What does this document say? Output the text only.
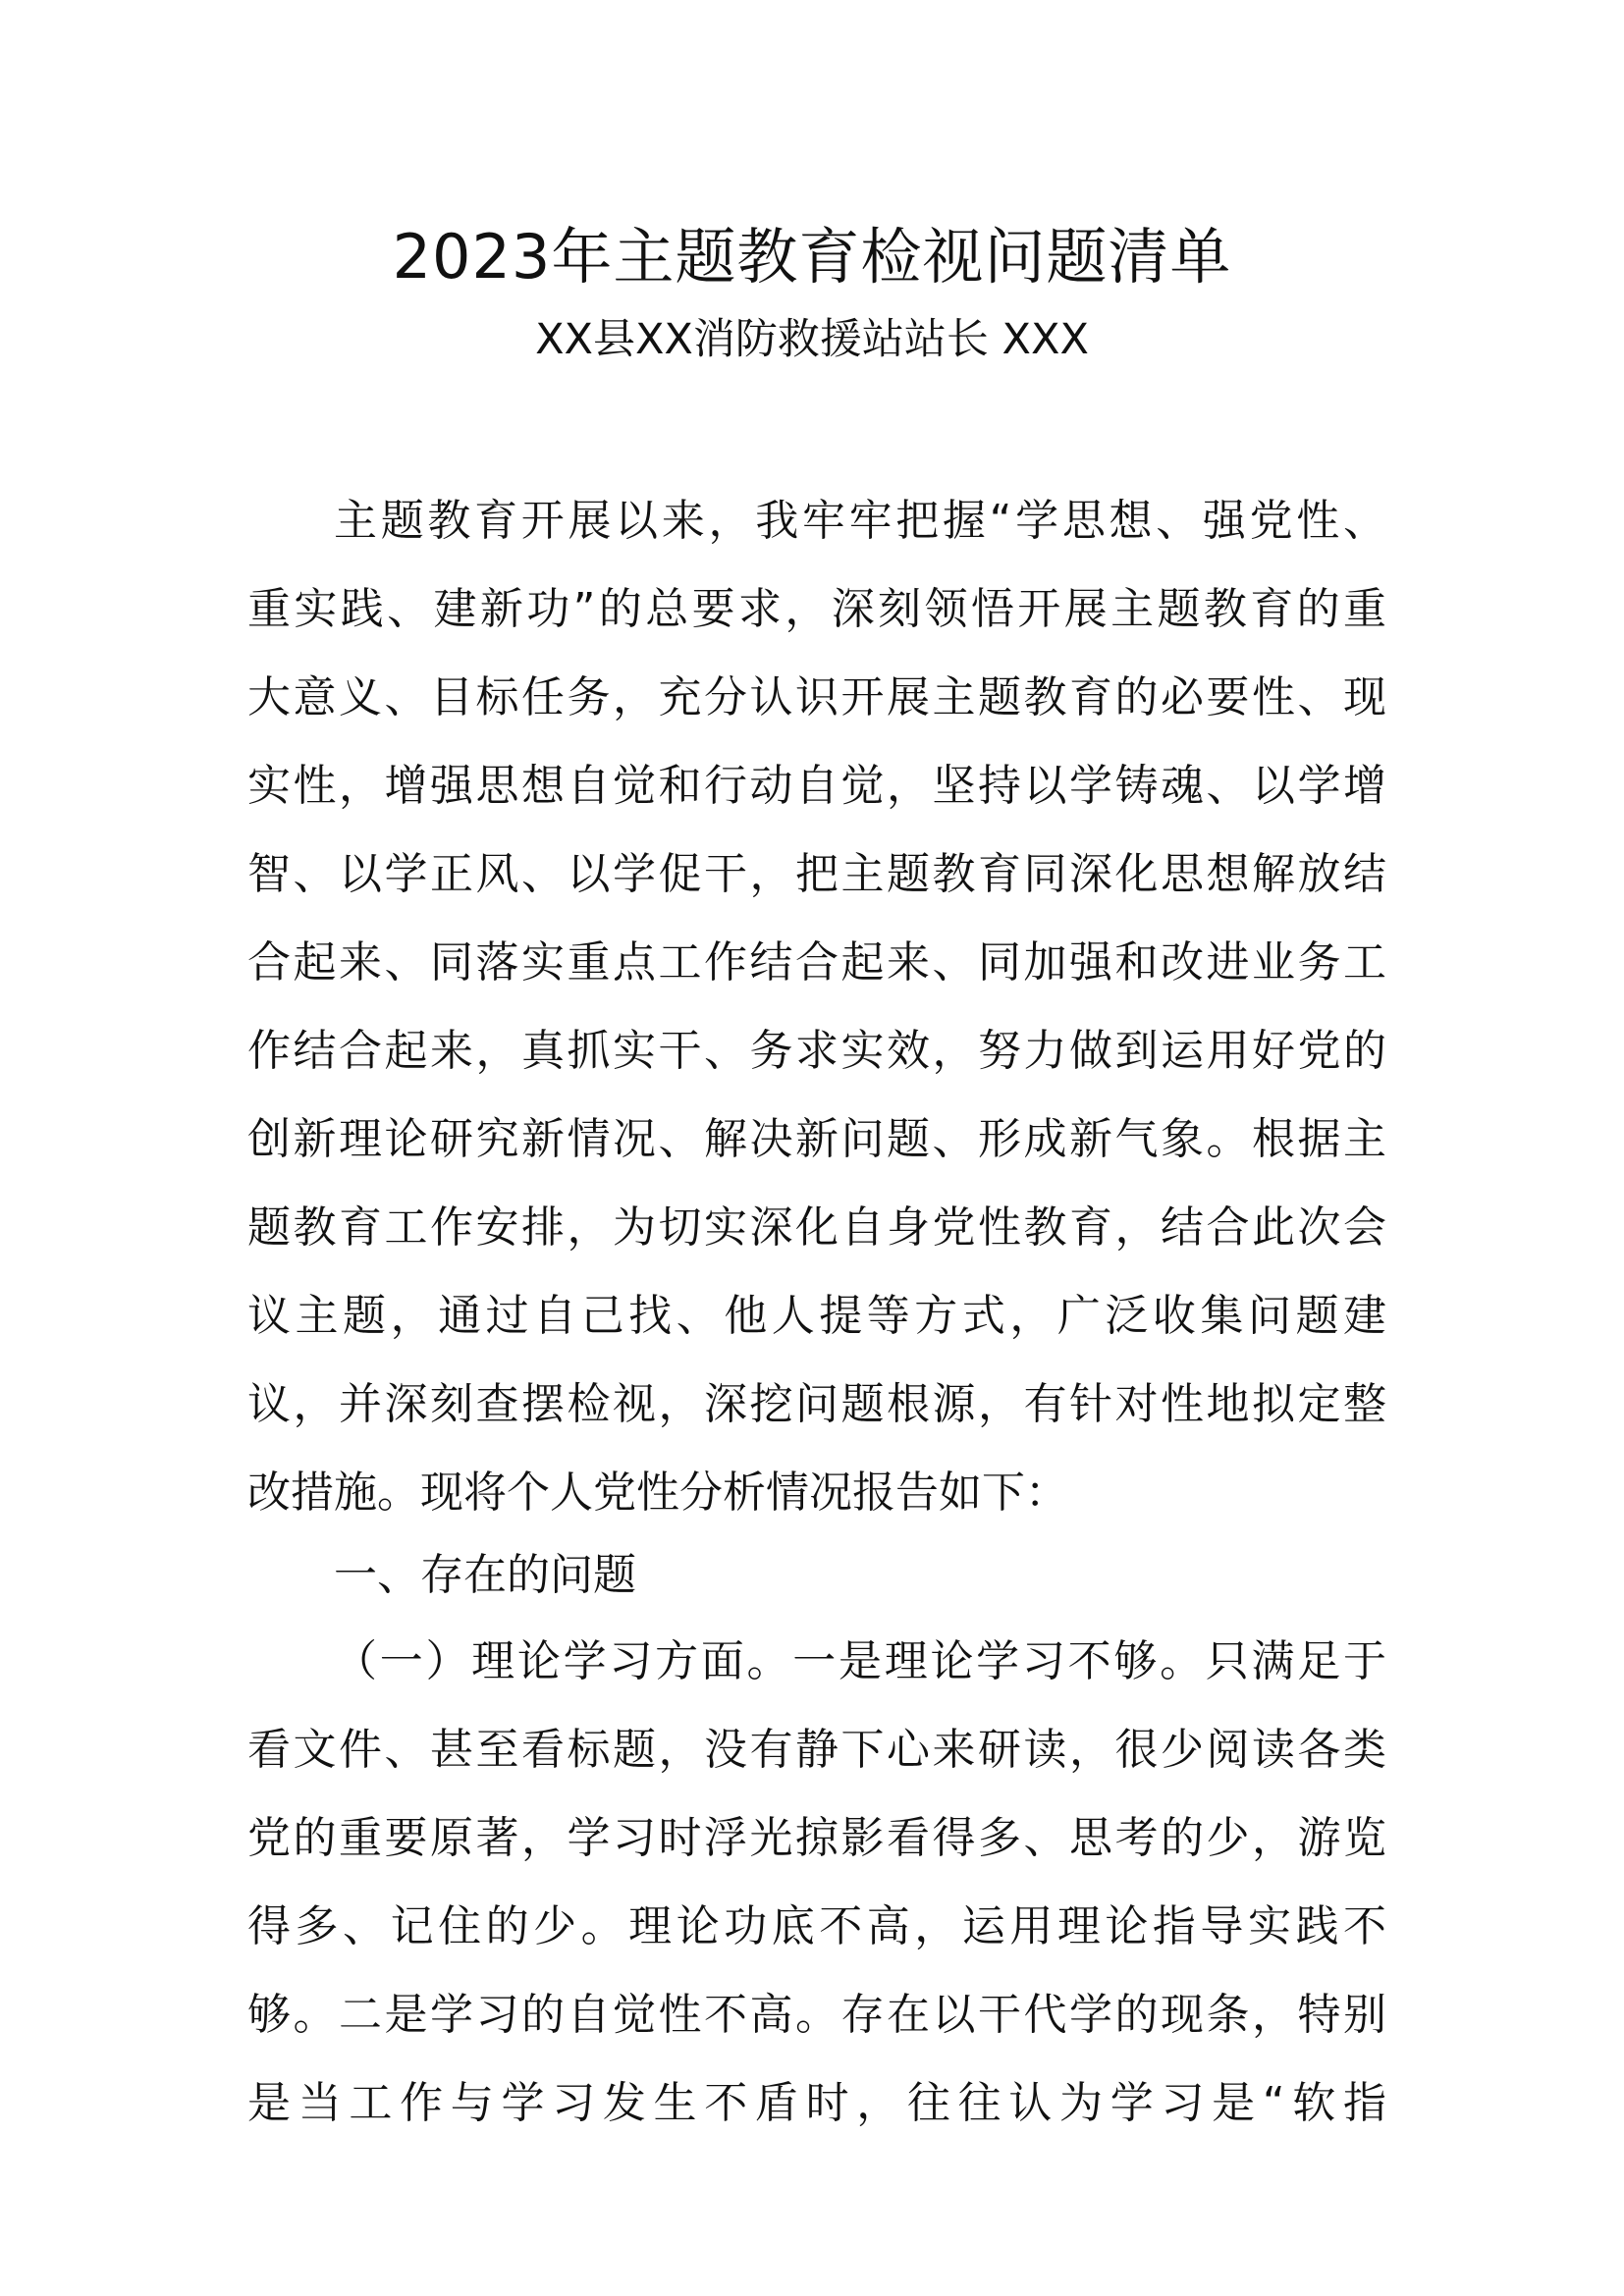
2023年主题教育检视问题清单
XX县XX消防救援站站长 XXX
主题教育开展以来，我牢牢把握“学思想、强党性、
重实践、建新功”的总要求，深刻领悟开展主题教育的重
大意义、目标任务，充分认识开展主题教育的必要性、现
实性，增强思想自觉和行动自觉，坚持以学铸魂、以学增
智、以学正风、以学促干，把主题教育同深化思想解放结
合起来、同落实重点工作结合起来、同加强和改进业务工
作结合起来，真抓实干、务求实效，努力做到运用好党的
创新理论研究新情况、解决新问题、形成新气象。根据主
题教育工作安排，为切实深化自身党性教育，结合此次会
议主题，通过自己找、他人提等方式，广泛收集问题建
议，并深刻查摆检视，深挖问题根源，有针对性地拟定整
改措施。现将个人党性分析情况报告如下：
一、存在的问题
（一）理论学习方面。一是理论学习不够。只满足于
看文件、甚至看标题，没有静下心来研读，很少阅读各类
党的重要原著，学习时浮光掠影看得多、思考的少，游览
得多、记住的少。理论功底不高，运用理论指导实践不
够。二是学习的自觉性不高。存在以干代学的现条，特别
是当工作与学习发生不盾时，往往认为学习是“软指
